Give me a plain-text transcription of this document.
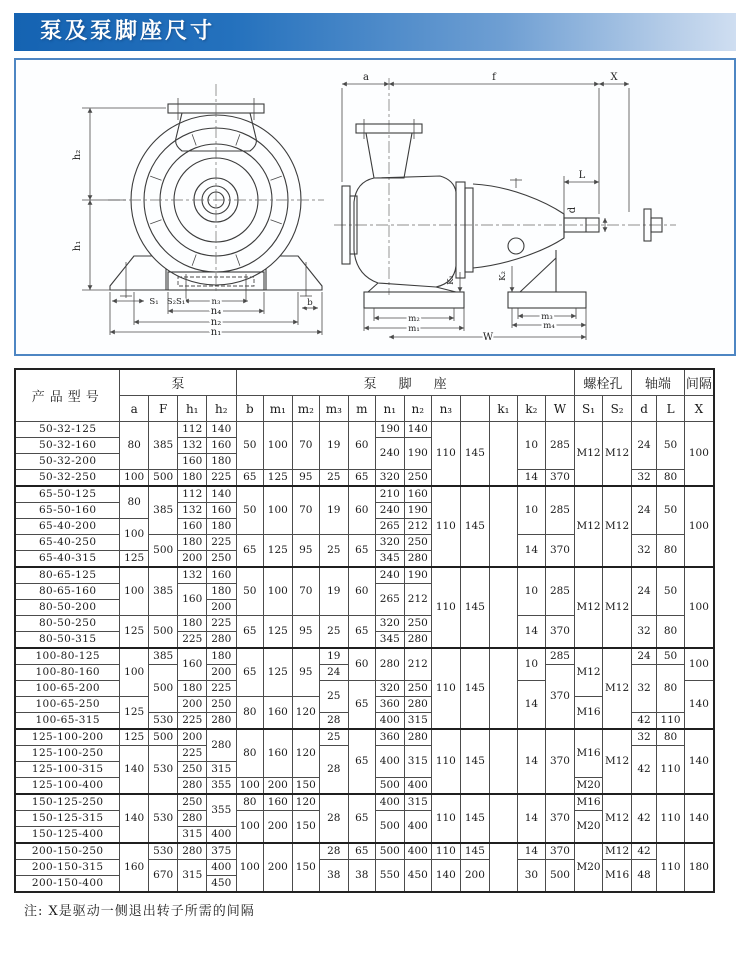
泵及泵脚座尺寸
h₂
h₁
S₁ S₂S₁	n₃
n₄
n₂
n₁
b
a	f	X
L
d
K₁	K₂
m₂
m₁
m₃
m₄
W
产品型号	泵				泵脚座												螺栓孔		轴端		间隔
	a	F	h₁	h₂	b	m₁	m₂	m₃	m	n₁	n₂	n₃		k₁	k₂	W	S₁	S₂	d	L	X
50-32-125	80	385	112	140	50	100	70	19	60	190	140	110	145		10	285	M12	M12	24	50	100
50-32-160			132	160						240	190										
50-32-200			160	180																	
50-32-250	100	500	180	225	65	125	95	25	65	320	250				14	370			32	80	
65-50-125	80	385	112	140	50	100	70	19	60	210	160	110	145		10	285	M12	M12	24	50	100
65-50-160			132	160						240	190										
65-40-200	100		160	180						265	212										
65-40-250		500	180	225	65	125	95	25	65	320	250				14	370			32	80	
65-40-315	125		200	250						345	280										
80-65-125	100	385	132	160	50	100	70	19	60	240	190	110	145		10	285	M12	M12	24	50	100
80-65-160			160	180						265	212										
80-50-200				200																	
80-50-250	125	500	180	225	65	125	95	25	65	320	250				14	370			32	80	
80-50-315			225	280						345	280										
100-80-125	100	385	160	180	65	125	95	19	60	280	212	110	145		10	285	M12	M12	24	50	100
100-80-160		500		200				24								370			32	80	
100-65-200			180	225				25	65	320	250				14						140
100-65-250	125		200	250	80	160	120			360	280						M16				
100-65-315		530	225	280				28		400	315								42	110	
125-100-200	125	500	200	280	80	160	120	25	65	360	280	110	145		14	370	M16	M12	32	80	140
125-100-250	140	530	225					28		400	315								42	110	
125-100-315			250	315																	
125-100-400			280	355	100	200	150			500	400						M20				
150-125-250	140	530	250	355	80	160	120	28	65	400	315	110	145		14	370	M16	M12	42	110	140
150-125-315			280		100	200	150			500	400						M20				
150-125-400			315	400																	
200-150-250	160	530	280	375	100	200	150	28	65	500	400	110	145		14	370	M20	M12	42	110	180
200-150-315		670	315	400				38	38	550	450	140	200		30	500		M16	48		
200-150-400				450																	
注: X是驱动一侧退出转子所需的间隔
